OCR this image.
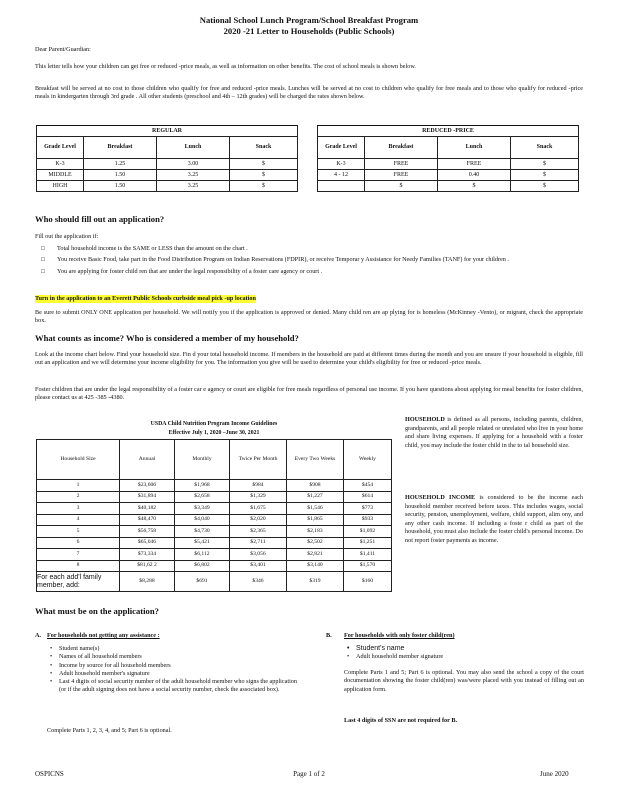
National School Lunch Program/School Breakfast Program
2020 -21 Letter to Households (Public Schools)
Dear Parent/Guardian:
This letter tells how your children can get free or reduced -price meals, as well as information on other benefits. The cost of school meals is shown below.
Breakfast will be served at no cost to those children who qualify for free and reduced -price meals. Lunches will be served at no cost to children who qualify for free meals and to those who qualify for reduced -price meals in kindergarten through 3rd grade . All other students (preschool and 4th – 12th grades) will be charged the rates shown below.
REGULAR			
Grade Level	Breakfast	Lunch	Snack
K-3	1.25	3.00	$
MIDDLE	1.50	3.25	$
HIGH	1.50	3.25	$
REDUCED -PRICE			
Grade Level	Breakfast	Lunch	Snack
K-3	FREE	FREE	$
4 - 12	FREE	0.40	$
	$	$	$
Who should fill out an application?
Fill out the application if:
□ Total household income is the SAME or LESS than the amount on the chart .
□ You receive Basic Food, take part in the Food Distribution Program on Indian Reservations (FDPIR), or receive Temporar y Assistance for Needy Families (TANF) for your children .
□ You are applying for foster child ren that are under the legal responsibility of a foster care agency or court .
Turn in the application to an Everett Public Schools curbside meal pick -up location
Be sure to submit ONLY ONE application per household. We will notify you if the application is approved or denied. Many child ren are ap plying for is homeless (McKinney -Vento), or migrant, check the appropriate box.
What counts as income? Who is considered a member of my household?
Look at the income chart below. Find your household size. Fin d your total household income. If members in the household are paid at different times during the month and you are unsure if your household is eligible, fill out an application and we will determine your income eligibility for you. The information you give will be used to determine your child's eligibility for free or reduced -price meals.
Foster children that are under the legal responsibility of a foster car e agency or court are eligible for free meals regardless of personal use income. If you have questions about applying for meal benefits for foster children, please contact us at 425 -385 -4380.
USDA Child Nutrition Program Income Guidelines
Effective July 1, 2020 –June 30, 2021
Household Size	Annual	Monthly	Twice Per Month	Every Two Weeks	Weekly
1	$23,606	$1,968	$984	$908	$454
2	$31,894	$2,658	$1,329	$1,227	$614
3	$40,182	$3,349	$1,675	$1,546	$773
4	$48,470	$4,040	$2,020	$1,865	$933
5	$56,758	$4,730	$2,365	$2,183	$1,092
6	$65,046	$5,421	$2,711	$2,502	$1,251
7	$73,334	$6,112	$3,056	$2,821	$1,411
8	$81,62 2	$6,802	$3,401	$3,140	$1,570
For each add'l family member, add:	$8,288	$691	$346	$319	$160
HOUSEHOLD is defined as all persons, including parents, children, grandparents, and all people related or unrelated who live in your home and share living expenses. If applying for a household with a foster child, you may include the foster child in the to tal household size.
HOUSEHOLD INCOME is considered to be the income each household member received before taxes. This includes wages, social security, pension, unemployment, welfare, child support, alim ony, and any other cash income. If including a foste r child as part of the household, you must also include the foster child's personal income. Do not report foster payments as income.
What must be on the application?
A. For households not getting any assistance :
• Student name(s)
• Names of all household members
• Income by source for all household members
• Adult household member's signature
• Last 4 digits of social security number of the adult household member who signs the application (or if the adult signing does not have a social security number, check the associated box).
Complete Parts 1, 2, 3, 4, and 5; Part 6 is optional.
B. For households with only foster child(ren)
• Student's name
• Adult household member signature
Complete Parts 1 and 5; Part 6 is optional. You may also send the school a copy of the court documentation showing the foster child(ren) was/were placed with you instead of filling out an application form.
Last 4 digits of SSN are not required for B.
OSPICNS	Page 1 of 2	June 2020
